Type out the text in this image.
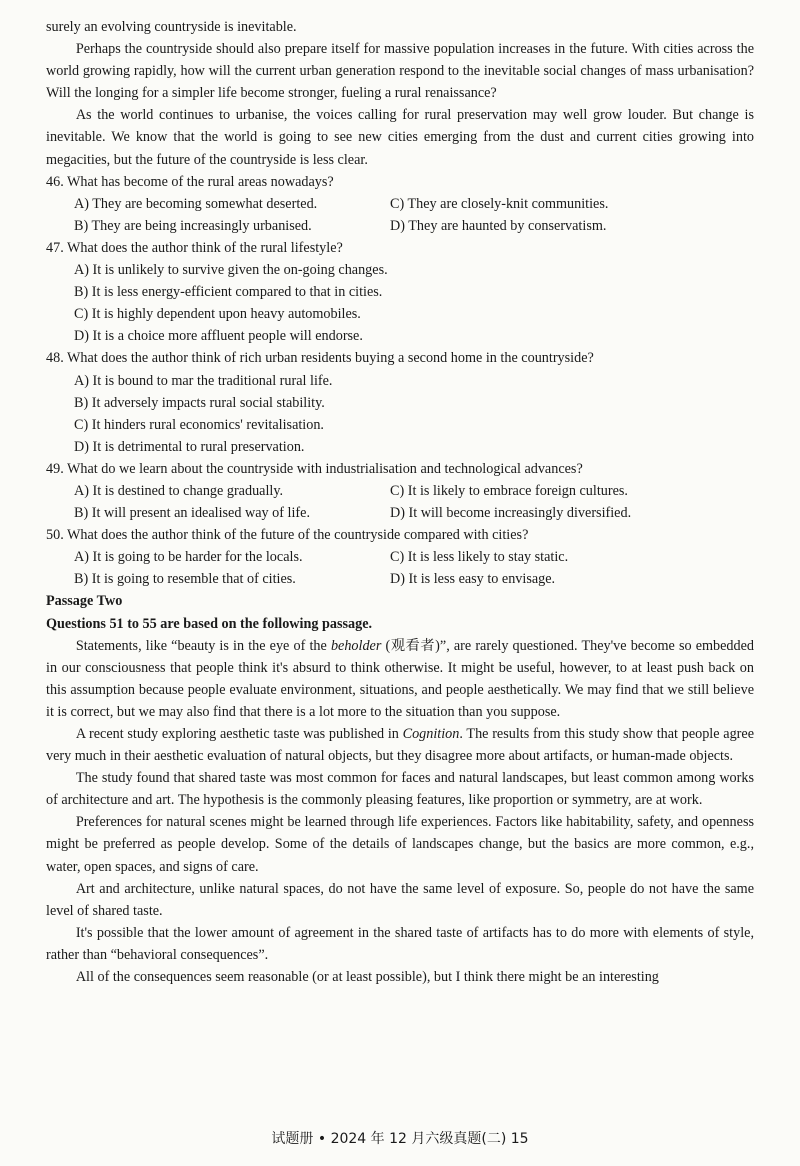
surely an evolving countryside is inevitable.

Perhaps the countryside should also prepare itself for massive population increases in the future. With cities across the world growing rapidly, how will the current urban generation respond to the inevitable social changes of mass urbanisation? Will the longing for a simpler life become stronger, fueling a rural renaissance?

As the world continues to urbanise, the voices calling for rural preservation may well grow louder. But change is inevitable. We know that the world is going to see new cities emerging from the dust and current cities growing into megacities, but the future of the countryside is less clear.

46. What has become of the rural areas nowadays?
A) They are becoming somewhat deserted.	C) They are closely-knit communities.
B) They are being increasingly urbanised.	D) They are haunted by conservatism.
47. What does the author think of the rural lifestyle?
A) It is unlikely to survive given the on-going changes.
B) It is less energy-efficient compared to that in cities.
C) It is highly dependent upon heavy automobiles.
D) It is a choice more affluent people will endorse.
48. What does the author think of rich urban residents buying a second home in the countryside?
A) It is bound to mar the traditional rural life.
B) It adversely impacts rural social stability.
C) It hinders rural economics' revitalisation.
D) It is detrimental to rural preservation.
49. What do we learn about the countryside with industrialisation and technological advances?
A) It is destined to change gradually.	C) It is likely to embrace foreign cultures.
B) It will present an idealised way of life.	D) It will become increasingly diversified.
50. What does the author think of the future of the countryside compared with cities?
A) It is going to be harder for the locals.	C) It is less likely to stay static.
B) It is going to resemble that of cities.	D) It is less easy to envisage.
Passage Two
Questions 51 to 55 are based on the following passage.

Statements, like “beauty is in the eye of the beholder (观看者)”, are rarely questioned. They've become so embedded in our consciousness that people think it's absurd to think otherwise. It might be useful, however, to at least push back on this assumption because people evaluate environment, situations, and people aesthetically. We may find that we still believe it is correct, but we may also find that there is a lot more to the situation than you suppose.

A recent study exploring aesthetic taste was published in Cognition. The results from this study show that people agree very much in their aesthetic evaluation of natural objects, but they disagree more about artifacts, or human-made objects.

The study found that shared taste was most common for faces and natural landscapes, but least common among works of architecture and art. The hypothesis is the commonly pleasing features, like proportion or symmetry, are at work.

Preferences for natural scenes might be learned through life experiences. Factors like habitability, safety, and openness might be preferred as people develop. Some of the details of landscapes change, but the basics are more common, e.g., water, open spaces, and signs of care.

Art and architecture, unlike natural spaces, do not have the same level of exposure. So, people do not have the same level of shared taste.

It's possible that the lower amount of agreement in the shared taste of artifacts has to do more with elements of style, rather than “behavioral consequences”.

All of the consequences seem reasonable (or at least possible), but I think there might be an interesting

试题册 • 2024 年 12 月六级真题(二) 15
